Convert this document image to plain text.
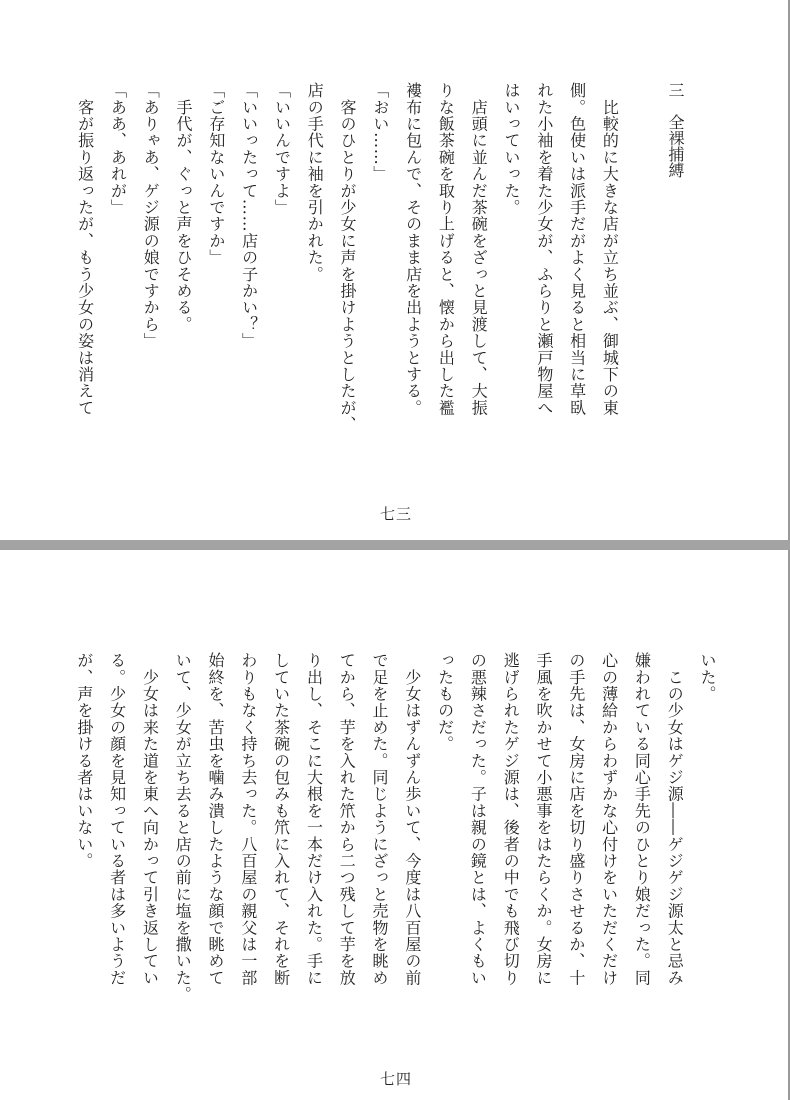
三　全裸捕縛
　比較的に大きな店が立ち並ぶ、御城下の東
側。色使いは派手だがよく見ると相当に草臥
れた小袖を着た少女が、ふらりと瀬戸物屋へ
はいっていった。
　店頭に並んだ茶碗をざっと見渡して、大振
りな飯茶碗を取り上げると、懐から出した襤
褸布に包んで、そのまま店を出ようとする。
「おい……」
　客のひとりが少女に声を掛けようとしたが、
店の手代に袖を引かれた。
「いいんですよ」
「いいったって……店の子かい？」
「ご存知ないんですか」
　手代が、ぐっと声をひそめる。
「ありゃあ、ゲジ源の娘ですから」
「ああ、あれが」
　客が振り返ったが、もう少女の姿は消えて
七三
いた。
　この少女はゲジ源――ゲジゲジ源太と忌み
嫌われている同心手先のひとり娘だった。同
心の薄給からわずかな心付けをいただくだけ
の手先は、女房に店を切り盛りさせるか、十
手風を吹かせて小悪事をはたらくか。女房に
逃げられたゲジ源は、後者の中でも飛び切り
の悪辣さだった。子は親の鏡とは、よくもい
ったものだ。
　少女はずんずん歩いて、今度は八百屋の前
で足を止めた。同じようにざっと売物を眺め
てから、芋を入れた笊から二つ残して芋を放
り出し、そこに大根を一本だけ入れた。手に
していた茶碗の包みも笊に入れて、それを断
わりもなく持ち去った。八百屋の親父は一部
始終を、苦虫を噛み潰したような顔で眺めて
いて、少女が立ち去ると店の前に塩を撒いた。
　少女は来た道を東へ向かって引き返してい
る。少女の顔を見知っている者は多いようだ
が、声を掛ける者はいない。
七四
